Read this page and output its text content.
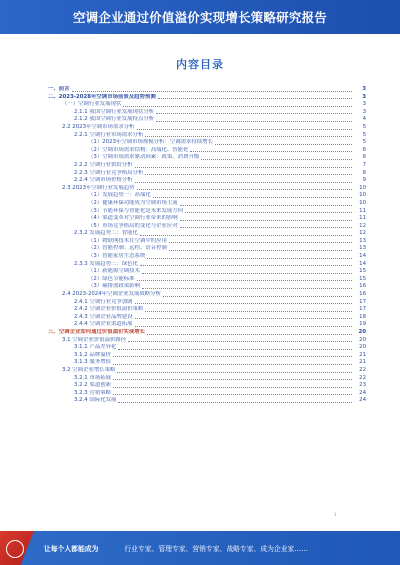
空调企业通过价值溢价实现增长策略研究报告
内容目录
一、前言	3
二、2023-2028年空调市场前景及趋势预测	3
（一）空调行业发展现状	3
2.1.1 我国空调行业发展现状分析	3
2.1.2 我国空调行业发展特点分析	4
2.2 2023年空调市场需求分析	5
2.2.1 空调行业市场需求分析	5
（1）2023年空调市场规模分析：空调需求持续增长	5
（2）空调市场需求结构：高端化、智能化	6
（3）空调市场需求驱动因素：政策、消费升级	6
2.2.2 空调行业供给分析	7
2.2.3 空调行业竞争格局分析	8
2.2.4 空调市场价格分析	9
2.3 2023年空调行业发展趋势	10
（1）发展趋势一：高端化	10
（2）健康环保功能成为空调市场主流	10
（3）节能环保与智能化是未来发展方向	11
（4）渠道变革对空调行业带来的影响	11
（5）市场竞争格局的变化与企业应对	12
2.3.2 发展趋势二：智能化	12
（1）物联网技术在空调中的应用	13
（2）智能控制：远程、语音控制	13
（3）智能家居生态系统	14
2.3.3 发展趋势三：绿色化	14
（1）新能源空调技术	15
（2）绿色节能标准	15
（3）碳排放政策影响	16
2.4 2023-2024年空调企业发展战略分析	16
2.4.1 空调行业竞争加剧	17
2.4.2 空调企业价值溢价策略	17
2.4.3 空调企业品牌建设	18
2.4.4 空调企业渠道拓展	19
三、空调企业如何通过价值溢价实现增长	20
3.1 空调企业价值溢价路径	20
3.1.1 产品差异化	20
3.1.2 品牌溢价	21
3.1.3 服务增值	21
3.2 空调企业增长策略	22
3.2.1 市场拓展	22
3.2.2 渠道创新	23
3.2.3 营销策略	24
3.2.4 国际化发展	24
1
让每个人都能成为	行业专家、管理专家、营销专家、战略专家、成为企业家……
